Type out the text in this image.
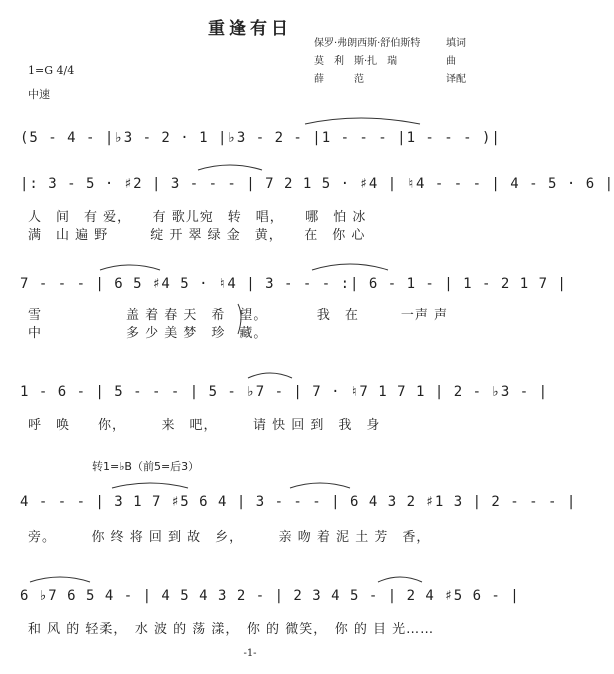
重逢有日
1=G 4/4
中速
保罗·弗朗西斯·舒伯斯特	填词
莫　利　斯·扎　瑞	曲
薛　　　范	译配
(5 - 4 - |♭3 - 2 · 1 |♭3 - 2 - |1 - - - |1 - - - )|
|: 3 - 5 · ♯2 | 3 - - - | 7 2 1 5 · ♯4 | ♮4 - - - | 4 - 5 · 6 |
人　间　有 爱，　　有 歌儿宛　转　唱，　　哪　怕 冰
满　山 遍 野　　　绽 开 翠 绿 金　黄，　　在　你 心
7 - - - | 6 5 ♯4 5 · ♮4 | 3 - - - :| 6 - 1 - | 1 - 2 1 7 |
雪　　　　　　盖 着 春 天　希　望。　　　　我　在　　　一声 声
中　　　　　　多 少 美 梦　珍　藏。
1 - 6 - | 5 - - - | 5 - ♭7 - | 7 · ♮7 1 7 1 | 2 - ♭3 - |
呼　唤　　你，　　　来　吧，　　　请 快 回 到　我　身
转1=♭B（前5=后3）
4 - - - | 3 1 7 ♯5 6 4 | 3 - - - | 6 4 3 2 ♯1 3 | 2 - - - |
旁。　　　你 终 将 回 到 故　乡，　　　亲 吻 着 泥 土 芳　香，
6 ♭7 6 5 4 - | 4 5 4 3 2 - | 2 3 4 5 - | 2 4 ♯5 6 - |
和 风 的 轻柔，　水 波 的 荡 漾，　你 的 微笑，　你 的 目 光……
-1-
